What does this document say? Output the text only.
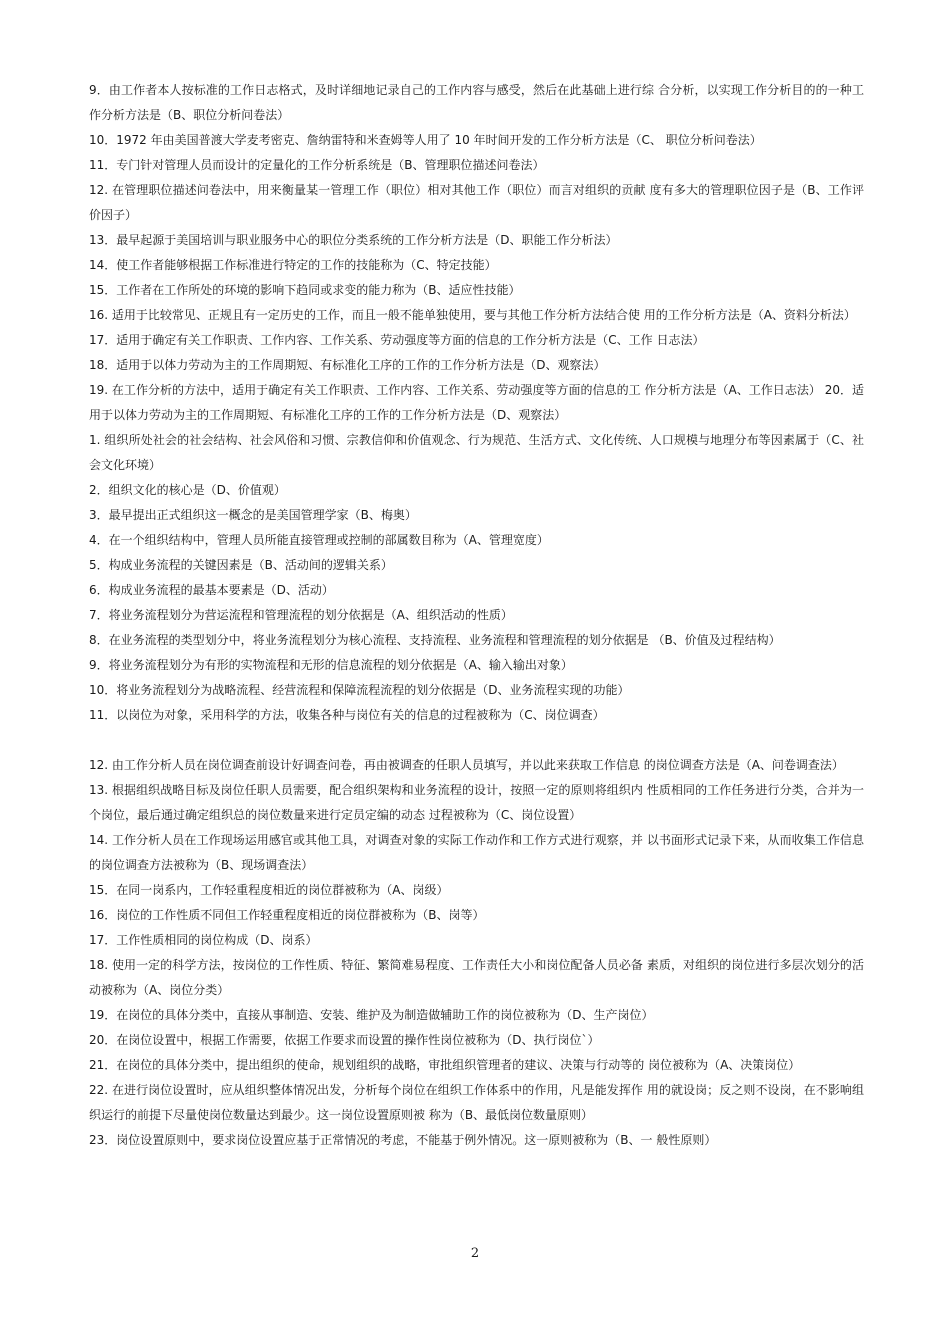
9．由工作者本人按标准的工作日志格式，及时详细地记录自己的工作内容与感受，然后在此基础上进行综 合分析，以实现工作分析目的的一种工作分析方法是（B、职位分析问卷法）

10．1972 年由美国普渡大学麦考密克、詹纳雷特和米查姆等人用了 10 年时间开发的工作分析方法是（C、 职位分析问卷法）

11．专门针对管理人员而设计的定量化的工作分析系统是（B、管理职位描述问卷法）

12. 在管理职位描述问卷法中，用来衡量某一管理工作（职位）相对其他工作（职位）而言对组织的贡献 度有多大的管理职位因子是（B、工作评价因子）

13．最早起源于美国培训与职业服务中心的职位分类系统的工作分析方法是（D、职能工作分析法）

14．使工作者能够根据工作标准进行特定的工作的技能称为（C、特定技能）

15．工作者在工作所处的环境的影响下趋同或求变的能力称为（B、适应性技能）

16. 适用于比较常见、正规且有一定历史的工作，而且一般不能单独使用，要与其他工作分析方法结合使 用的工作分析方法是（A、资料分析法）

17．适用于确定有关工作职责、工作内容、工作关系、劳动强度等方面的信息的工作分析方法是（C、工作 日志法）

18．适用于以体力劳动为主的工作周期短、有标准化工序的工作的工作分析方法是（D、观察法）

19. 在工作分析的方法中，适用于确定有关工作职责、工作内容、工作关系、劳动强度等方面的信息的工 作分析方法是（A、工作日志法） 20．适用于以体力劳动为主的工作周期短、有标准化工序的工作的工作分析方法是（D、观察法）

1. 组织所处社会的社会结构、社会风俗和习惯、宗教信仰和价值观念、行为规范、生活方式、文化传统、人口规模与地理分布等因素属于（C、社会文化环境）

2．组织文化的核心是（D、价值观）

3．最早提出正式组织这一概念的是美国管理学家（B、梅奥）

4．在一个组织结构中，管理人员所能直接管理或控制的部属数目称为（A、管理宽度）

5．构成业务流程的关键因素是（B、活动间的逻辑关系）

6．构成业务流程的最基本要素是（D、活动）

7．将业务流程划分为营运流程和管理流程的划分依据是（A、组织活动的性质）

8．在业务流程的类型划分中，将业务流程划分为核心流程、支持流程、业务流程和管理流程的划分依据是 （B、价值及过程结构）

9．将业务流程划分为有形的实物流程和无形的信息流程的划分依据是（A、输入输出对象）

10．将业务流程划分为战略流程、经营流程和保障流程流程的划分依据是（D、业务流程实现的功能）

11．以岗位为对象，采用科学的方法，收集各种与岗位有关的信息的过程被称为（C、岗位调查）

12. 由工作分析人员在岗位调查前设计好调查问卷，再由被调查的任职人员填写，并以此来获取工作信息 的岗位调查方法是（A、问卷调查法）

13. 根据组织战略目标及岗位任职人员需要，配合组织架构和业务流程的设计，按照一定的原则将组织内 性质相同的工作任务进行分类，合并为一个岗位，最后通过确定组织总的岗位数量来进行定员定编的动态 过程被称为（C、岗位设置）

14. 工作分析人员在工作现场运用感官或其他工具，对调查对象的实际工作动作和工作方式进行观察，并 以书面形式记录下来，从而收集工作信息的岗位调查方法被称为（B、现场调查法）

15．在同一岗系内，工作轻重程度相近的岗位群被称为（A、岗级）

16．岗位的工作性质不同但工作轻重程度相近的岗位群被称为（B、岗等）

17．工作性质相同的岗位构成（D、岗系）

18. 使用一定的科学方法，按岗位的工作性质、特征、繁简难易程度、工作责任大小和岗位配备人员必备 素质，对组织的岗位进行多层次划分的活动被称为（A、岗位分类）

19．在岗位的具体分类中，直接从事制造、安装、维护及为制造做辅助工作的岗位被称为（D、生产岗位）

20．在岗位设置中，根据工作需要，依据工作要求而设置的操作性岗位被称为（D、执行岗位`）

21．在岗位的具体分类中，提出组织的使命，规划组织的战略，审批组织管理者的建议、决策与行动等的 岗位被称为（A、决策岗位）

22. 在进行岗位设置时，应从组织整体情况出发，分析每个岗位在组织工作体系中的作用，凡是能发挥作 用的就设岗；反之则不设岗，在不影响组织运行的前提下尽量使岗位数量达到最少。这一岗位设置原则被 称为（B、最低岗位数量原则）

23．岗位设置原则中，要求岗位设置应基于正常情况的考虑，不能基于例外情况。这一原则被称为（B、一 般性原则）

2
